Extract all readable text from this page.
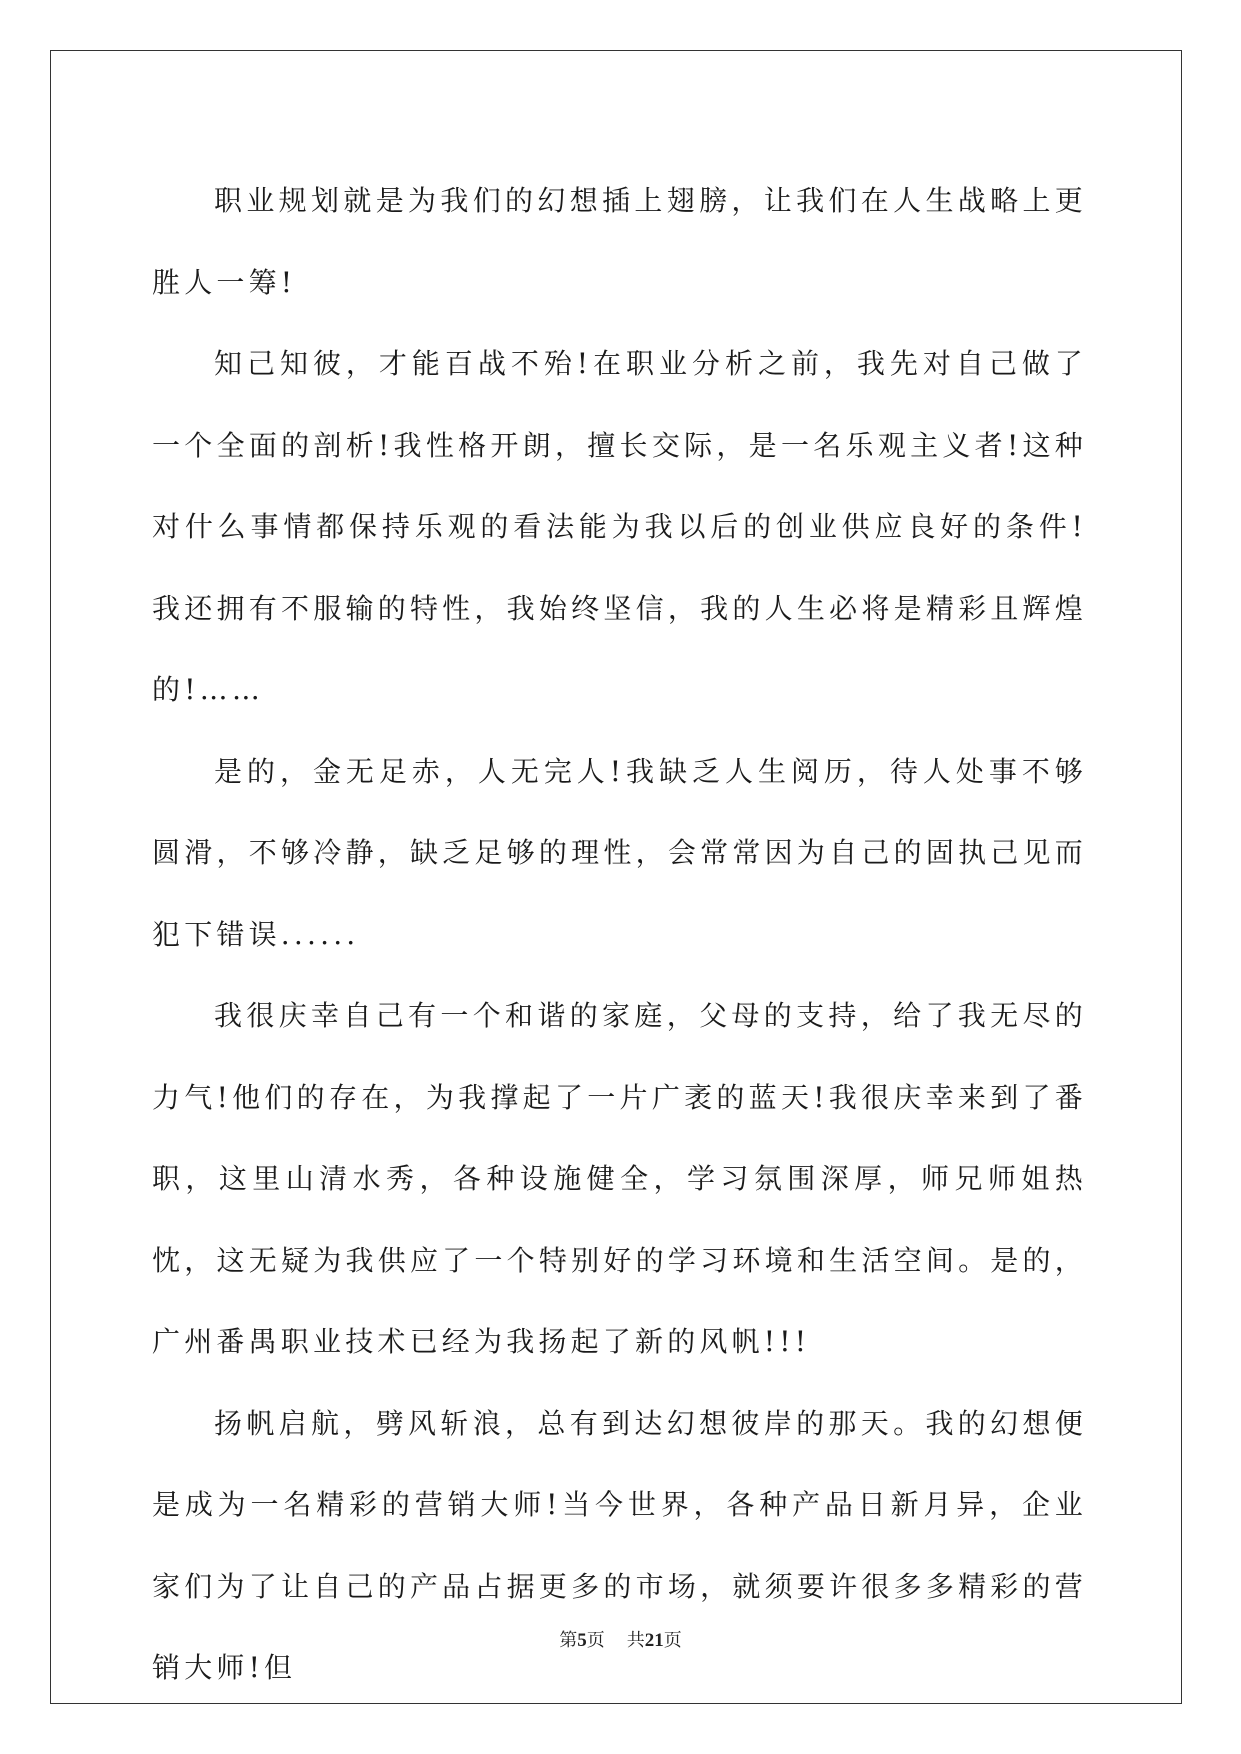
职业规划就是为我们的幻想插上翅膀，让我们在人生战略上更胜人一筹!

知己知彼，才能百战不殆!在职业分析之前，我先对自己做了一个全面的剖析!我性格开朗，擅长交际，是一名乐观主义者!这种对什么事情都保持乐观的看法能为我以后的创业供应良好的条件!我还拥有不服输的特性，我始终坚信，我的人生必将是精彩且辉煌的!……

是的，金无足赤，人无完人!我缺乏人生阅历，待人处事不够圆滑，不够冷静，缺乏足够的理性，会常常因为自己的固执己见而犯下错误......

我很庆幸自己有一个和谐的家庭，父母的支持，给了我无尽的力气!他们的存在，为我撑起了一片广袤的蓝天!我很庆幸来到了番职，这里山清水秀，各种设施健全，学习氛围深厚，师兄师姐热忱，这无疑为我供应了一个特别好的学习环境和生活空间。是的，广州番禺职业技术已经为我扬起了新的风帆!!!

扬帆启航，劈风斩浪，总有到达幻想彼岸的那天。我的幻想便是成为一名精彩的营销大师!当今世界，各种产品日新月异，企业家们为了让自己的产品占据更多的市场，就须要许很多多精彩的营销大师!但

第5页 共21页
